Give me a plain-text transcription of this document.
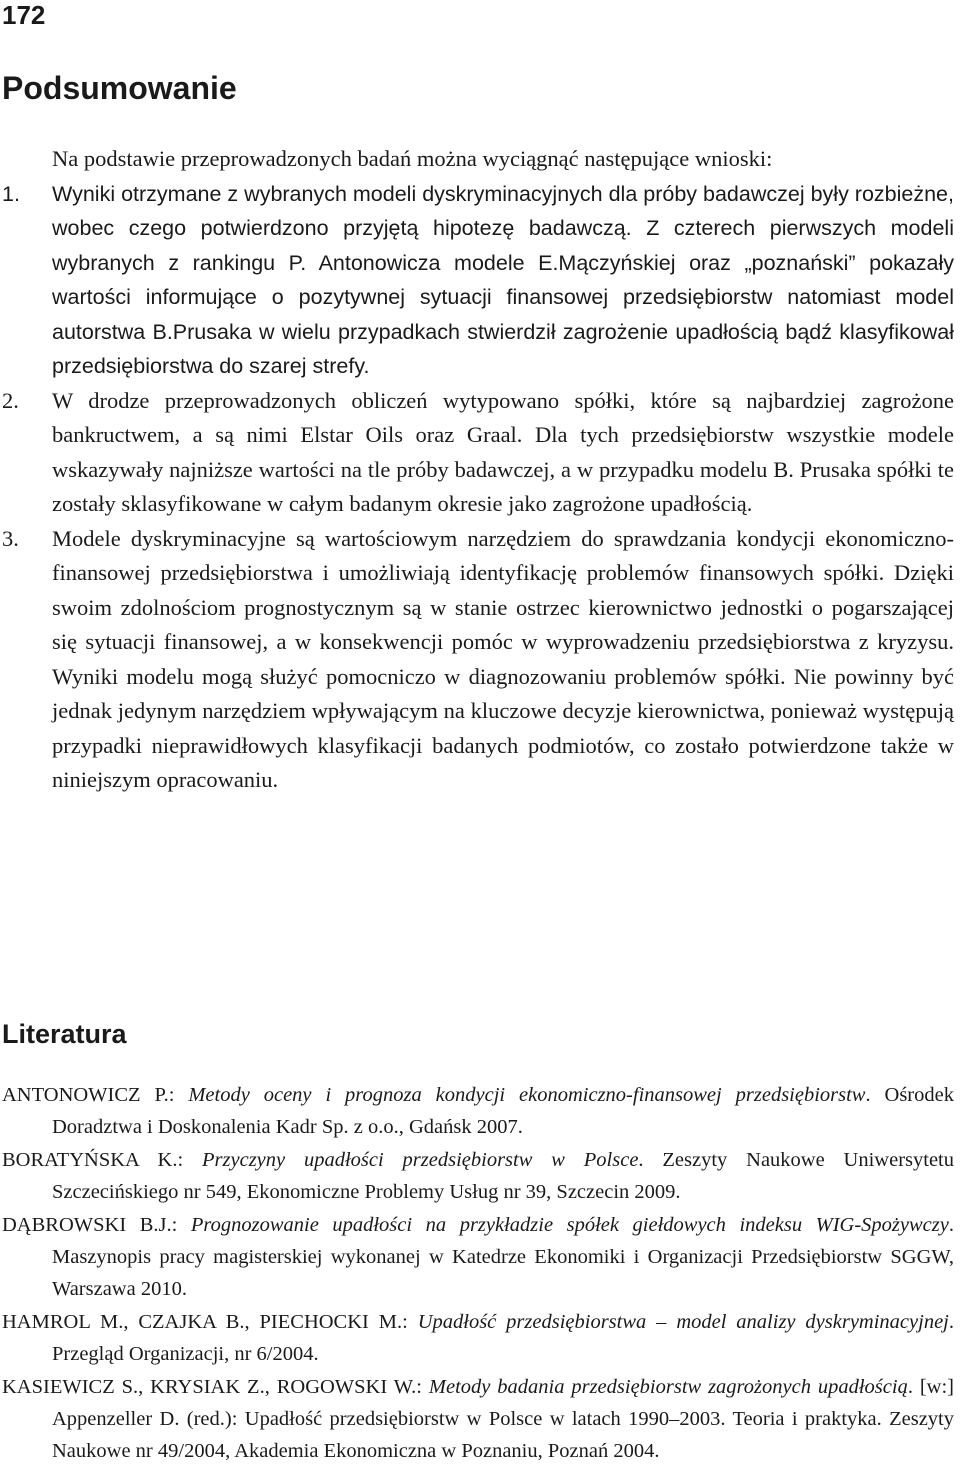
172
Podsumowanie

Na podstawie przeprowadzonych badań można wyciągnąć następujące wnioski:

1. Wyniki otrzymane z wybranych modeli dyskryminacyjnych dla próby badawczej były rozbieżne, wobec czego potwierdzono przyjętą hipotezę badawczą. Z czterech pierwszych modeli wybranych z rankingu P. Antonowicza modele E.Mączyńskiej oraz „poznański” pokazały wartości informujące o pozytywnej sytuacji finansowej przedsiębiorstw natomiast model autorstwa B.Prusaka w wielu przypadkach stwierdził zagrożenie upadłością bądź klasyfikował przedsiębiorstwa do szarej strefy.
2. W drodze przeprowadzonych obliczeń wytypowano spółki, które są najbardziej zagrożone bankructwem, a są nimi Elstar Oils oraz Graal. Dla tych przedsiębiorstw wszystkie modele wskazywały najniższe wartości na tle próby badawczej, a w przypadku modelu B. Prusaka spółki te zostały sklasyfikowane w całym badanym okresie jako zagrożone upadłością.
3. Modele dyskryminacyjne są wartościowym narzędziem do sprawdzania kondycji ekonomiczno-finansowej przedsiębiorstwa i umożliwiają identyfikację problemów finansowych spółki. Dzięki swoim zdolnościom prognostycznym są w stanie ostrzec kierownictwo jednostki o pogarszającej się sytuacji finansowej, a w konsekwencji pomóc w wyprowadzeniu przedsiębiorstwa z kryzysu. Wyniki modelu mogą służyć pomocniczo w diagnozowaniu problemów spółki. Nie powinny być jednak jedynym narzędziem wpływającym na kluczowe decyzje kierownictwa, ponieważ występują przypadki nieprawidłowych klasyfikacji badanych podmiotów, co zostało potwierdzone także w niniejszym opracowaniu.
Literatura

ANTONOWICZ P.: Metody oceny i prognoza kondycji ekonomiczno-finansowej przedsiębiorstw. Ośrodek Doradztwa i Doskonalenia Kadr Sp. z o.o., Gdańsk 2007.

BORATYŃSKA K.: Przyczyny upadłości przedsiębiorstw w Polsce. Zeszyty Naukowe Uniwersytetu Szczecińskiego nr 549, Ekonomiczne Problemy Usług nr 39, Szczecin 2009.

DĄBROWSKI B.J.: Prognozowanie upadłości na przykładzie spółek giełdowych indeksu WIG-Spożywczy. Maszynopis pracy magisterskiej wykonanej w Katedrze Ekonomiki i Organizacji Przedsiębiorstw SGGW, Warszawa 2010.

HAMROL M., CZAJKA B., PIECHOCKI M.: Upadłość przedsiębiorstwa – model analizy dyskryminacyjnej. Przegląd Organizacji, nr 6/2004.

KASIEWICZ S., KRYSIAK Z., ROGOWSKI W.: Metody badania przedsiębiorstw zagrożonych upadłością. [w:] Appenzeller D. (red.): Upadłość przedsiębiorstw w Polsce w latach 1990–2003. Teoria i praktyka. Zeszyty Naukowe nr 49/2004, Akademia Ekonomiczna w Poznaniu, Poznań 2004.
